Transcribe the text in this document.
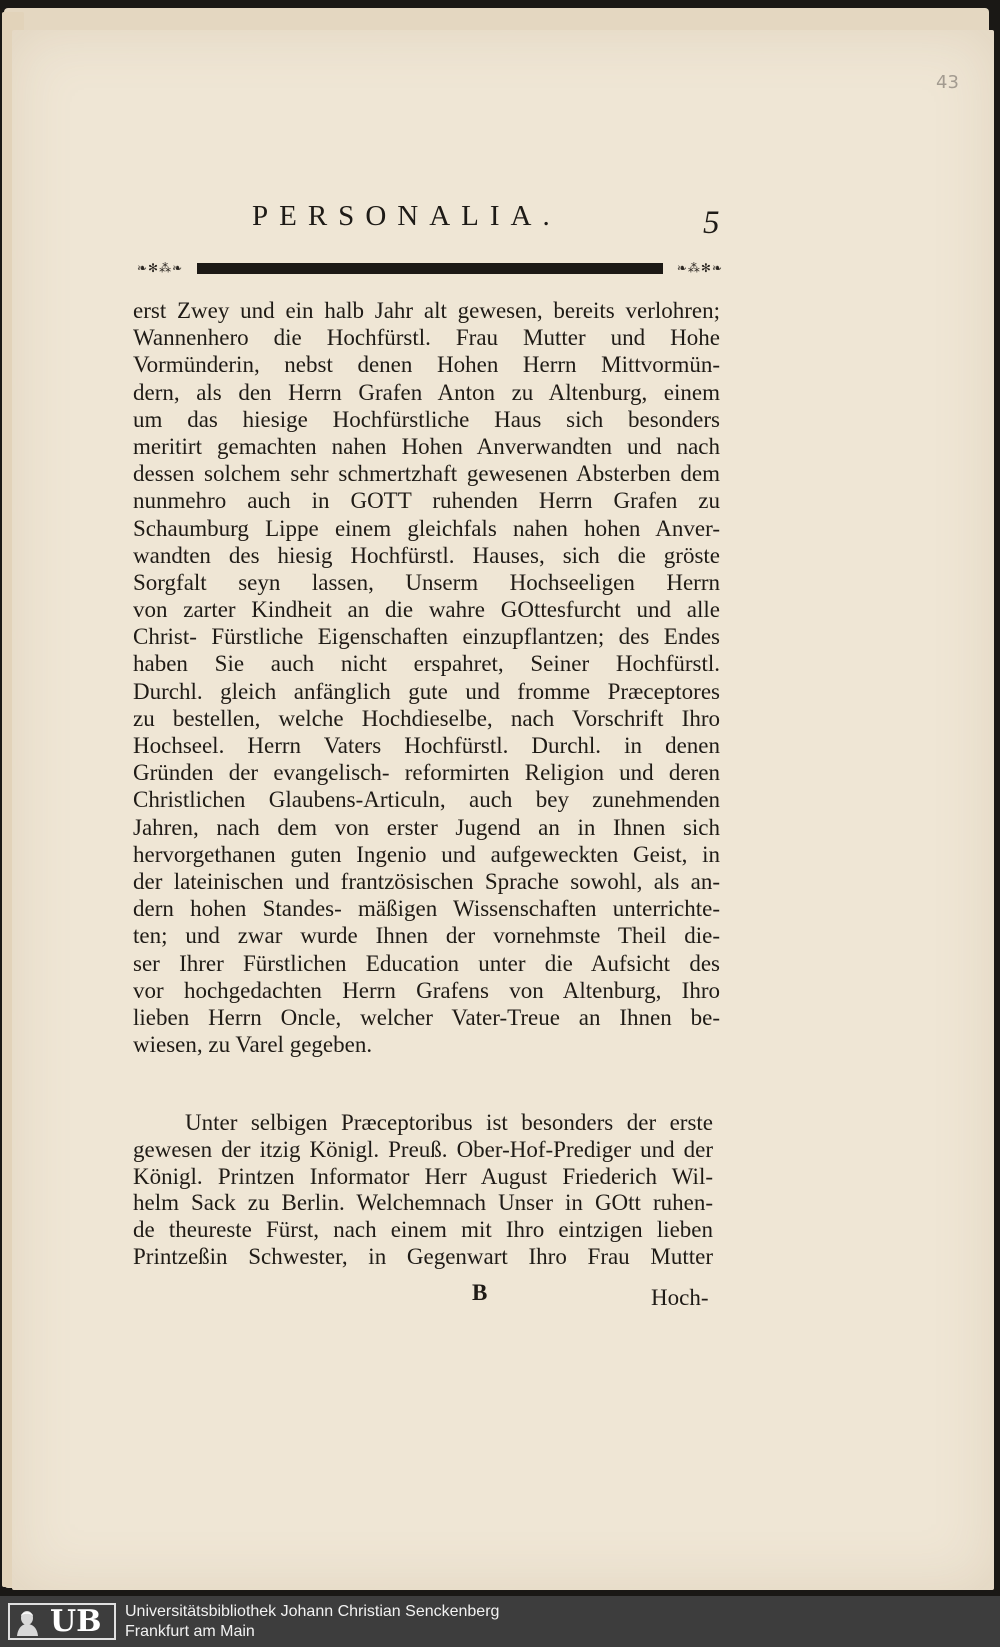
43
PERSONALIA.	5
❧✻⁂❧	❧⁂✻❧
erst Zwey und ein halb Jahr alt gewesen, bereits verlohren;
Wannenhero die Hochfürstl. Frau Mutter und Hohe
Vormünderin, nebst denen Hohen Herrn Mittvormün-
dern, als den Herrn Grafen Anton zu Altenburg, einem
um das hiesige Hochfürstliche Haus sich besonders
meritirt gemachten nahen Hohen Anverwandten und nach
dessen solchem sehr schmertzhaft gewesenen Absterben dem
nunmehro auch in GOTT ruhenden Herrn Grafen zu
Schaumburg Lippe einem gleichfals nahen hohen Anver-
wandten des hiesig Hochfürstl. Hauses, sich die gröste
Sorgfalt seyn lassen, Unserm Hochseeligen Herrn
von zarter Kindheit an die wahre GOttesfurcht und alle
Christ- Fürstliche Eigenschaften einzupflantzen; des Endes
haben Sie auch nicht erspahret, Seiner Hochfürstl.
Durchl. gleich anfänglich gute und fromme Præceptores
zu bestellen, welche Hochdieselbe, nach Vorschrift Ihro
Hochseel. Herrn Vaters Hochfürstl. Durchl. in denen
Gründen der evangelisch- reformirten Religion und deren
Christlichen Glaubens-Articuln, auch bey zunehmenden
Jahren, nach dem von erster Jugend an in Ihnen sich
hervorgethanen guten Ingenio und aufgeweckten Geist, in
der lateinischen und frantzösischen Sprache sowohl, als an-
dern hohen Standes- mäßigen Wissenschaften unterrichte-
ten; und zwar wurde Ihnen der vornehmste Theil die-
ser Ihrer Fürstlichen Education unter die Aufsicht des
vor hochgedachten Herrn Grafens von Altenburg, Ihro
lieben Herrn Oncle, welcher Vater-Treue an Ihnen be-
wiesen, zu Varel gegeben.
Unter selbigen Præceptoribus ist besonders der erste
gewesen der itzig Königl. Preuß. Ober-Hof-Prediger und der
Königl. Printzen Informator Herr August Friederich Wil-
helm Sack zu Berlin. Welchemnach Unser in GOtt ruhen-
de theureste Fürst, nach einem mit Ihro eintzigen lieben
Printzeßin Schwester, in Gegenwart Ihro Frau Mutter
B	Hoch-
UB Universitätsbibliothek Johann Christian Senckenberg
Frankfurt am Main
